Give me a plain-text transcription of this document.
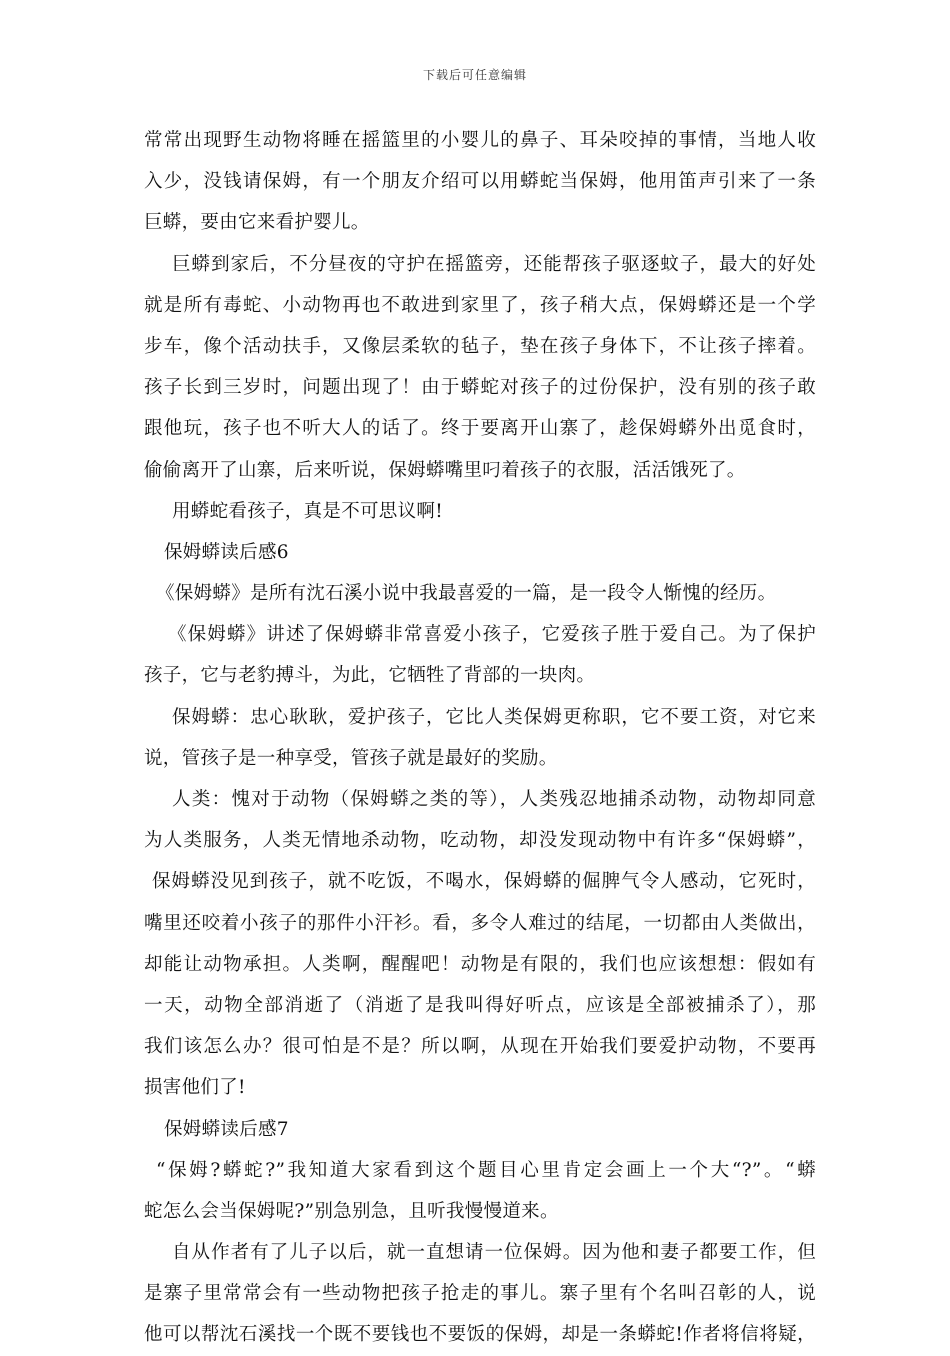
下载后可任意编辑
常常出现野生动物将睡在摇篮里的小婴儿的鼻子、耳朵咬掉的事情，当地人收
入少，没钱请保姆，有一个朋友介绍可以用蟒蛇当保姆，他用笛声引来了一条
巨蟒，要由它来看护婴儿。
巨蟒到家后，不分昼夜的守护在摇篮旁，还能帮孩子驱逐蚊子，最大的好处
就是所有毒蛇、小动物再也不敢进到家里了，孩子稍大点，保姆蟒还是一个学
步车，像个活动扶手，又像层柔软的毡子，垫在孩子身体下，不让孩子摔着。
孩子长到三岁时，问题出现了！由于蟒蛇对孩子的过份保护，没有别的孩子敢
跟他玩，孩子也不听大人的话了。终于要离开山寨了，趁保姆蟒外出觅食时，
偷偷离开了山寨，后来听说，保姆蟒嘴里叼着孩子的衣服，活活饿死了。
用蟒蛇看孩子，真是不可思议啊!
保姆蟒读后感6
《保姆蟒》是所有沈石溪小说中我最喜爱的一篇，是一段令人惭愧的经历。
《保姆蟒》讲述了保姆蟒非常喜爱小孩子，它爱孩子胜于爱自己。为了保护
孩子，它与老豹搏斗，为此，它牺牲了背部的一块肉。
保姆蟒：忠心耿耿，爱护孩子，它比人类保姆更称职，它不要工资，对它来
说，管孩子是一种享受，管孩子就是最好的奖励。
人类：愧对于动物（保姆蟒之类的等），人类残忍地捕杀动物，动物却同意
为人类服务，人类无情地杀动物，吃动物，却没发现动物中有许多“保姆蟒”，
保姆蟒没见到孩子，就不吃饭，不喝水，保姆蟒的倔脾气令人感动，它死时，
嘴里还咬着小孩子的那件小汗衫。看，多令人难过的结尾，一切都由人类做出，
却能让动物承担。人类啊，醒醒吧！动物是有限的，我们也应该想想：假如有
一天，动物全部消逝了（消逝了是我叫得好听点，应该是全部被捕杀了），那
我们该怎么办？很可怕是不是？所以啊，从现在开始我们要爱护动物，不要再
损害他们了!
保姆蟒读后感7
“保姆?蟒蛇?”我知道大家看到这个题目心里肯定会画上一个大“?”。“蟒
蛇怎么会当保姆呢?”别急别急，且听我慢慢道来。
自从作者有了儿子以后，就一直想请一位保姆。因为他和妻子都要工作，但
是寨子里常常会有一些动物把孩子抢走的事儿。寨子里有个名叫召彰的人，说
他可以帮沈石溪找一个既不要钱也不要饭的保姆，却是一条蟒蛇!作者将信将疑，
